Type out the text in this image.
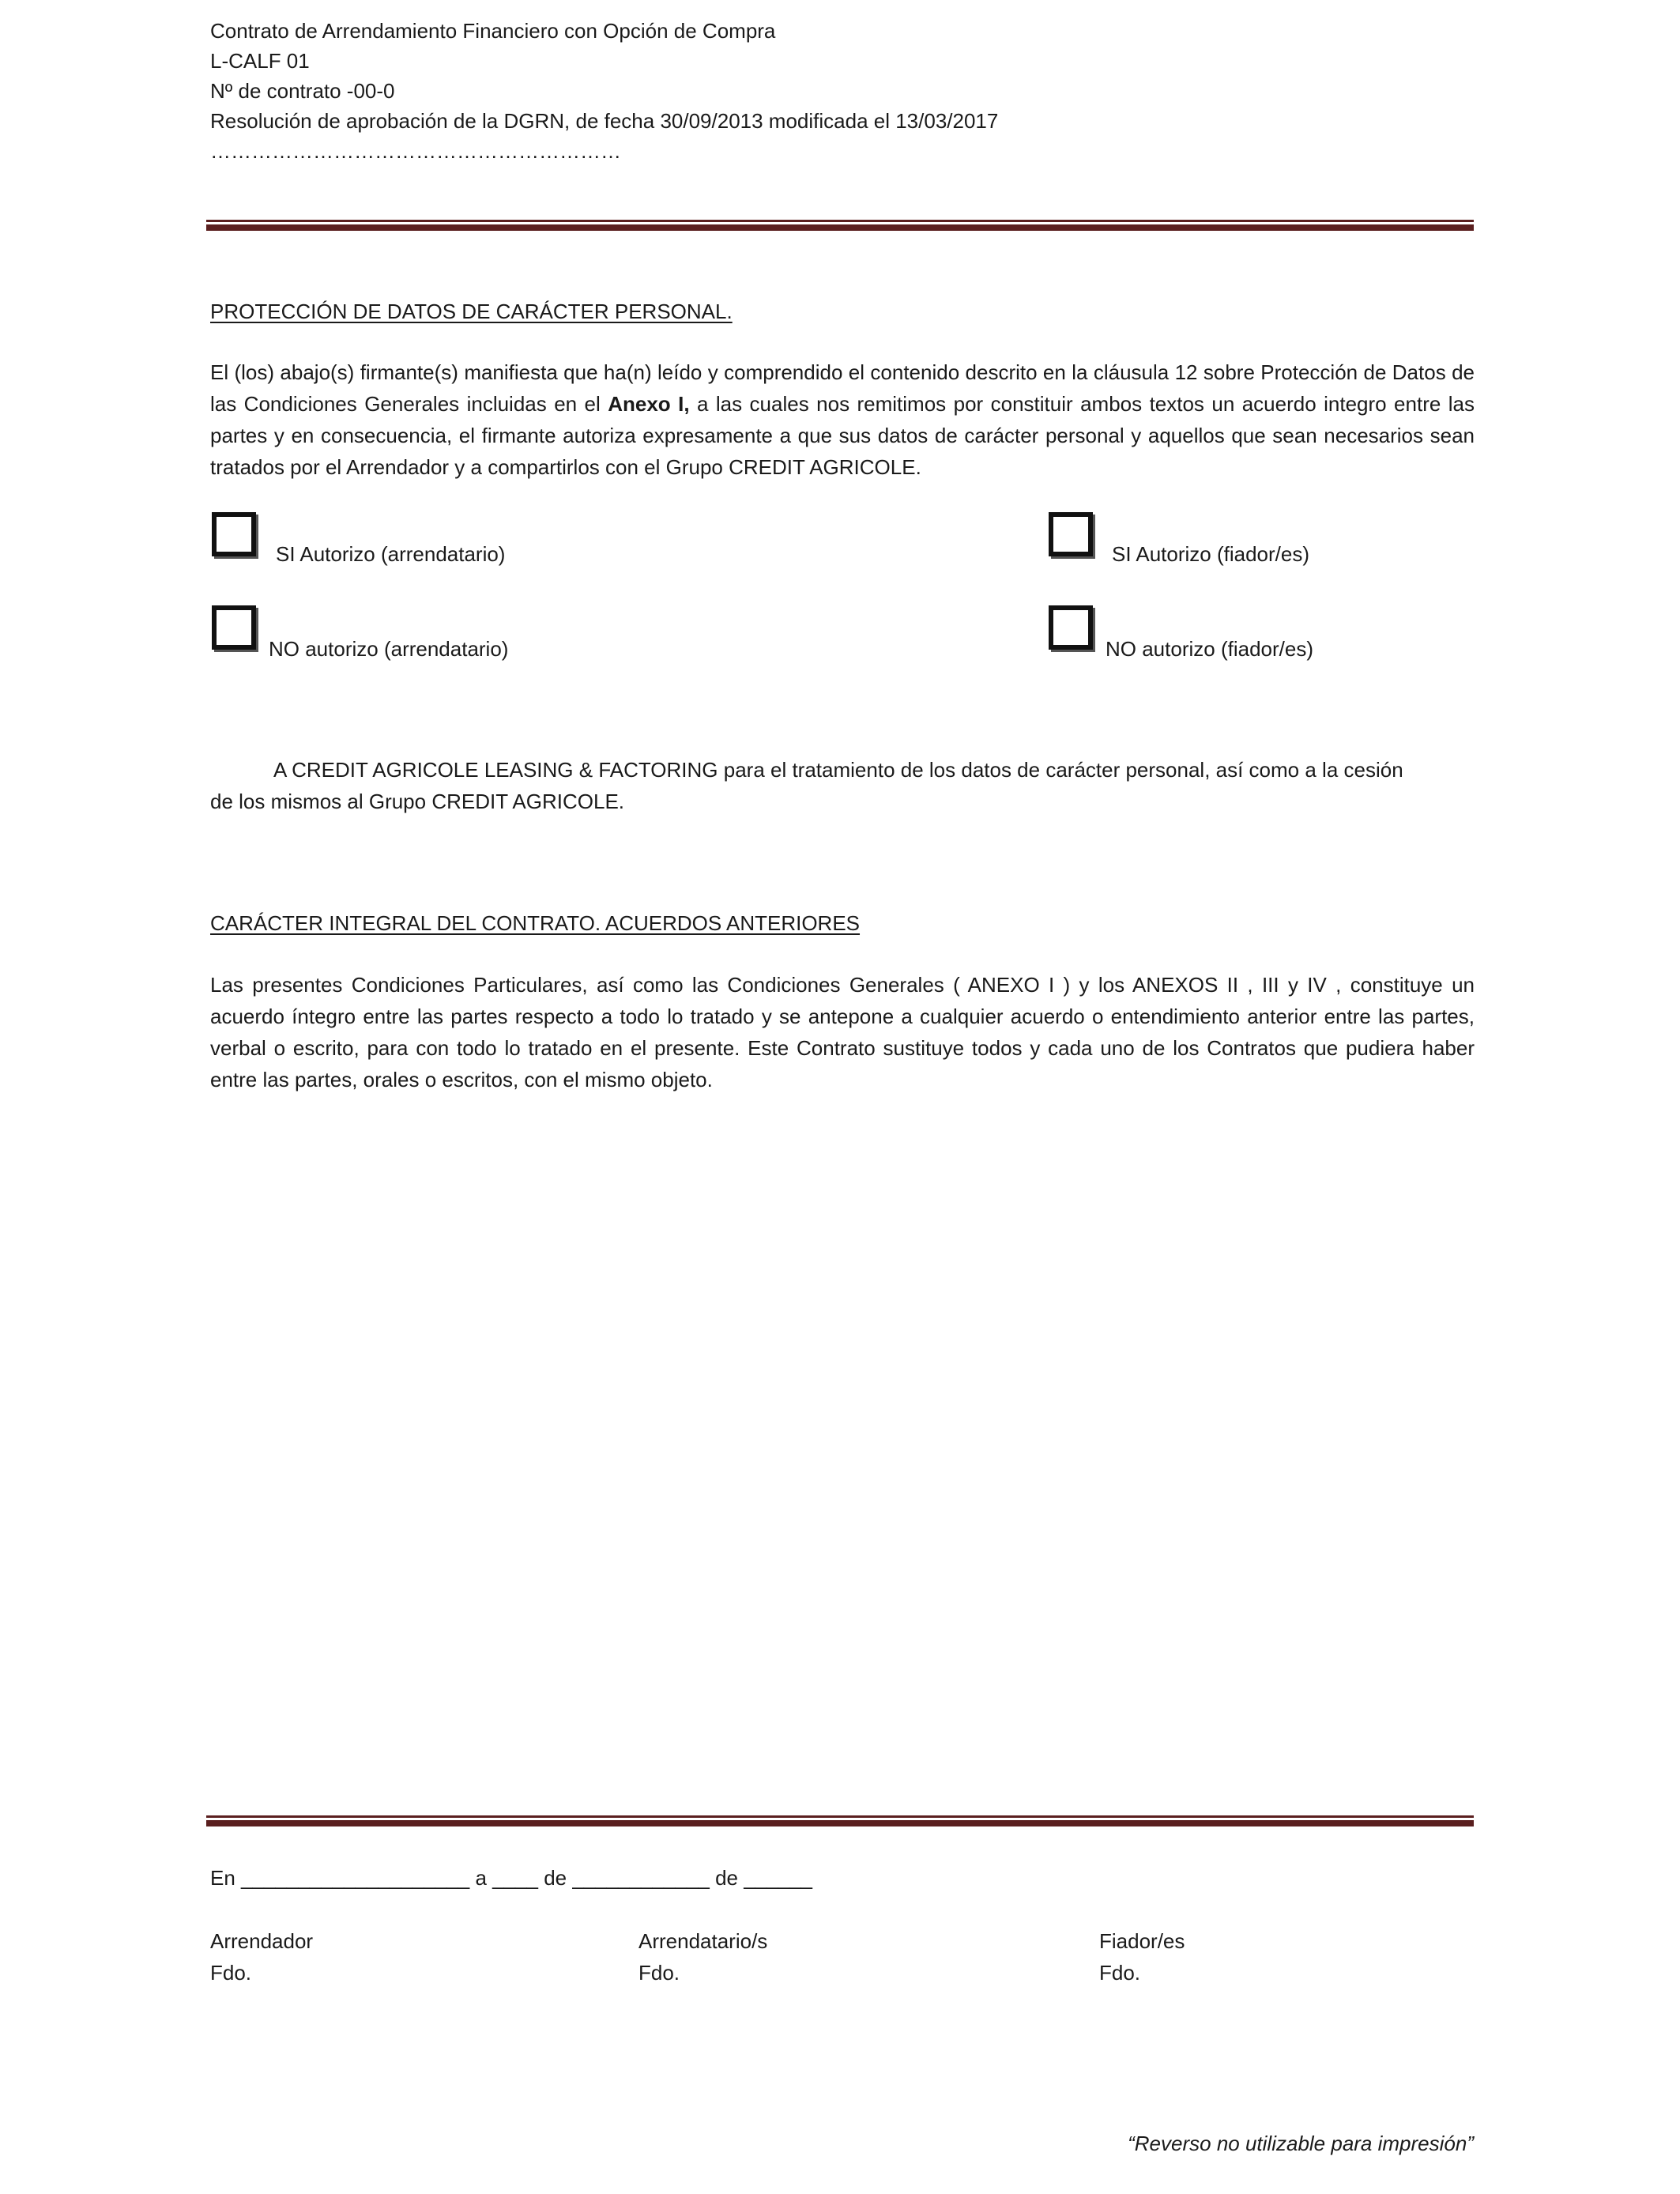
Contrato de Arrendamiento Financiero con Opción de Compra
L-CALF 01
Nº de contrato -00-0
Resolución de aprobación de la DGRN, de fecha 30/09/2013 modificada el 13/03/2017
……………………………………………………
PROTECCIÓN DE DATOS DE CARÁCTER PERSONAL.
El (los) abajo(s) firmante(s) manifiesta que ha(n) leído y comprendido el contenido descrito en la cláusula 12 sobre Protección de Datos de las Condiciones Generales incluidas en el Anexo I, a las cuales nos remitimos por constituir ambos textos un acuerdo integro entre las partes y en consecuencia, el firmante autoriza expresamente a que sus datos de carácter personal y aquellos que sean necesarios sean tratados por el Arrendador y a compartirlos con el Grupo CREDIT AGRICOLE.
SI Autorizo (arrendatario)	SI Autorizo (fiador/es)
NO autorizo (arrendatario)	NO autorizo (fiador/es)
A CREDIT AGRICOLE LEASING & FACTORING para el tratamiento de los datos de carácter personal, así como a la cesión de los mismos al Grupo CREDIT AGRICOLE.
CARÁCTER INTEGRAL DEL CONTRATO. ACUERDOS ANTERIORES
Las presentes Condiciones Particulares, así como las Condiciones Generales ( ANEXO I ) y los ANEXOS II , III y IV , constituye un acuerdo íntegro entre las partes respecto a todo lo tratado y se antepone a cualquier acuerdo o entendimiento anterior entre las partes, verbal o escrito, para con todo lo tratado en el presente. Este Contrato sustituye todos y cada uno de los Contratos que pudiera haber entre las partes, orales o escritos, con el mismo objeto.
En ____________________ a ____ de ____________ de ______
Arrendador
Fdo.
Arrendatario/s
Fdo.
Fiador/es
Fdo.
“Reverso no utilizable para impresión”
